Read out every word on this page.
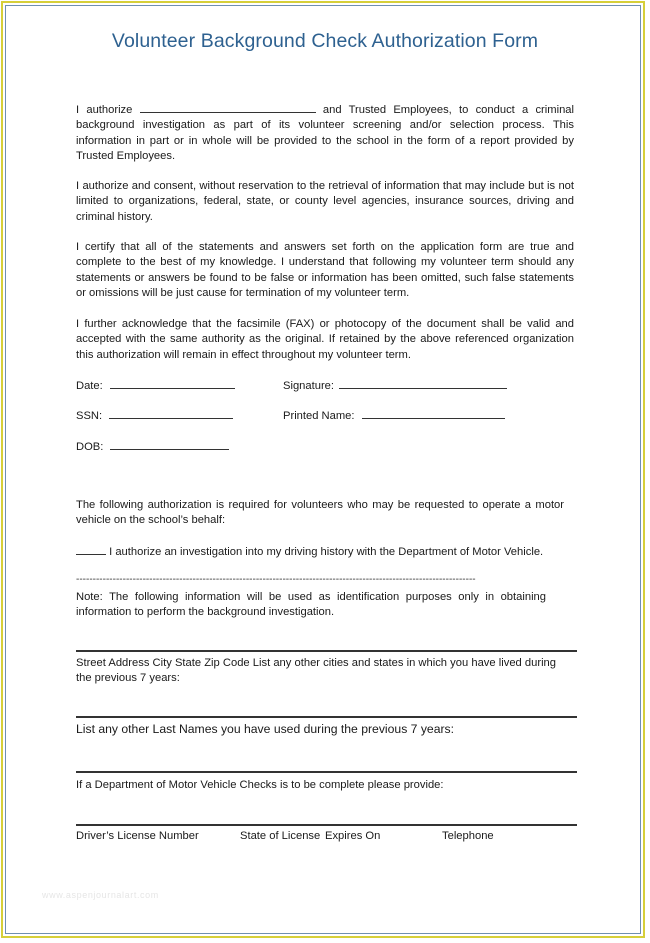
Volunteer Background Check Authorization Form

I authorize	and Trusted Employees, to conduct a criminal background investigation as part of its volunteer screening and/or selection process. This information in part or in whole will be provided to the school in the form of a report provided by Trusted Employees.

I authorize and consent, without reservation to the retrieval of information that may include but is not limited to organizations, federal, state, or county level agencies, insurance sources, driving and criminal history.

I certify that all of the statements and answers set forth on the application form are true and complete to the best of my knowledge. I understand that following my volunteer term should any statements or answers be found to be false or information has been omitted, such false statements or omissions will be just cause for termination of my volunteer term.

I further acknowledge that the facsimile (FAX) or photocopy of the document shall be valid and accepted with the same authority as the original. If retained by the above referenced organization this authorization will remain in effect throughout my volunteer term.

Date:	Signature:
SSN:	Printed Name:
DOB:

The following authorization is required for volunteers who may be requested to operate a motor vehicle on the school’s behalf:

I authorize an investigation into my driving history with the Department of Motor Vehicle.
------------------------------------------------------------------------------------------------------------------------

Note: The following information will be used as identification purposes only in obtaining information to perform the background investigation.

Street Address City State Zip Code List any other cities and states in which you have lived during the previous 7 years:

List any other Last Names you have used during the previous 7 years:
If a Department of Motor Vehicle Checks is to be complete please provide:
Driver’s License Number	State of License Expires On	Telephone
www.aspenjournalart.com
